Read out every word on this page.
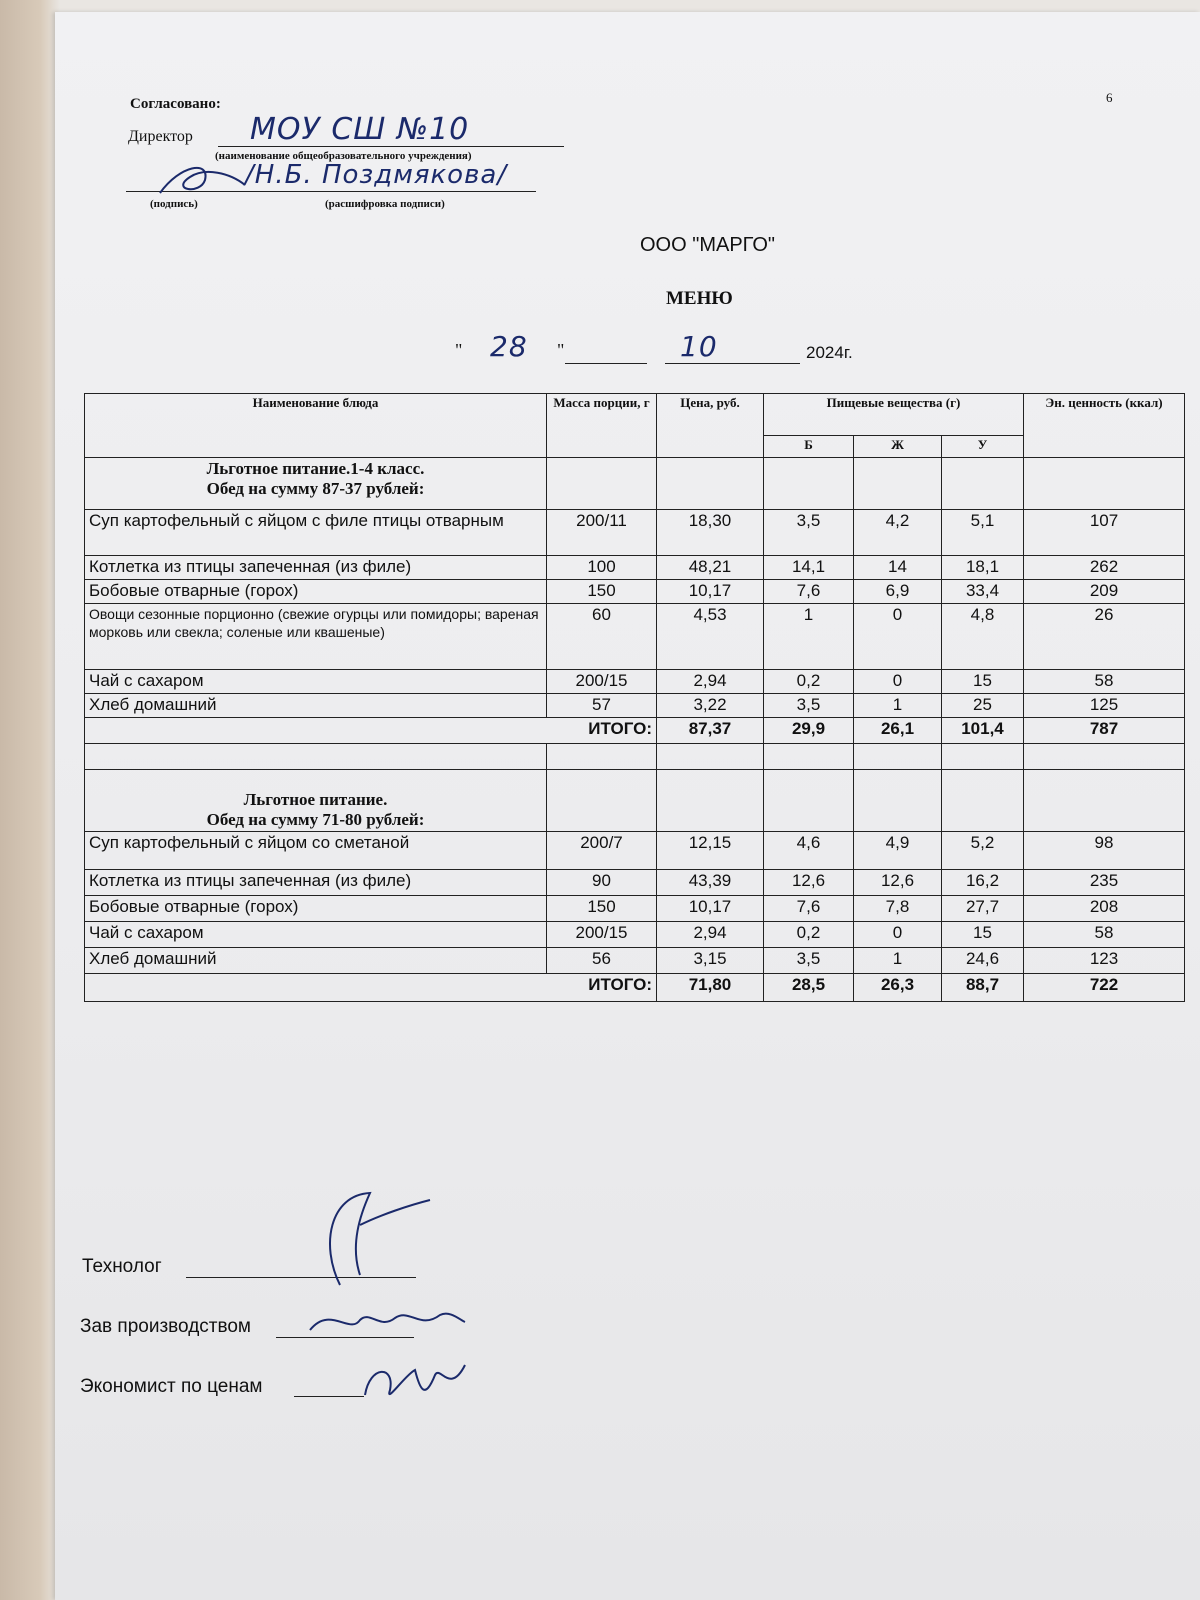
Согласовано:	6
Директор МОУ СШ №10
(наименование общеобразовательного учреждения)
/Н.Б. Поздмякова/
(подпись)	(расшифровка подписи)
ООО "МАРГО"
МЕНЮ
" 28 "	10	2024г.
Наименование блюда	Масса порции, г	Цена, руб.	Пищевые вещества (г)			Эн. ценность (ккал)
			Б	Ж	У	

Льготное питание.1-4 класс.
Обед на сумму 87-37 рублей:						

Суп картофельный с яйцом с филе птицы отварным	200/11	18,30	3,5	4,2	5,1	107
Котлетка из птицы запеченная (из филе)	100	48,21	14,1	14	18,1	262
Бобовые отварные (горох)	150	10,17	7,6	6,9	33,4	209
Овощи сезонные порционно (свежие огурцы или помидоры; вареная морковь или свекла; соленые или квашеные)	60	4,53	1	0	4,8	26
Чай с сахаром	200/15	2,94	0,2	0	15	58
Хлеб домашний	57	3,22	3,5	1	25	125
ИТОГО:		87,37	29,9	26,1	101,4	787

Льготное питание.
Обед на сумму 71-80 рублей:						

Суп картофельный с яйцом со сметаной	200/7	12,15	4,6	4,9	5,2	98
Котлетка из птицы запеченная (из филе)	90	43,39	12,6	12,6	16,2	235
Бобовые отварные (горох)	150	10,17	7,6	7,8	27,7	208
Чай с сахаром	200/15	2,94	0,2	0	15	58
Хлеб домашний	56	3,15	3,5	1	24,6	123
ИТОГО:		71,80	28,5	26,3	88,7	722
Технолог
Зав производством
Экономист по ценам
